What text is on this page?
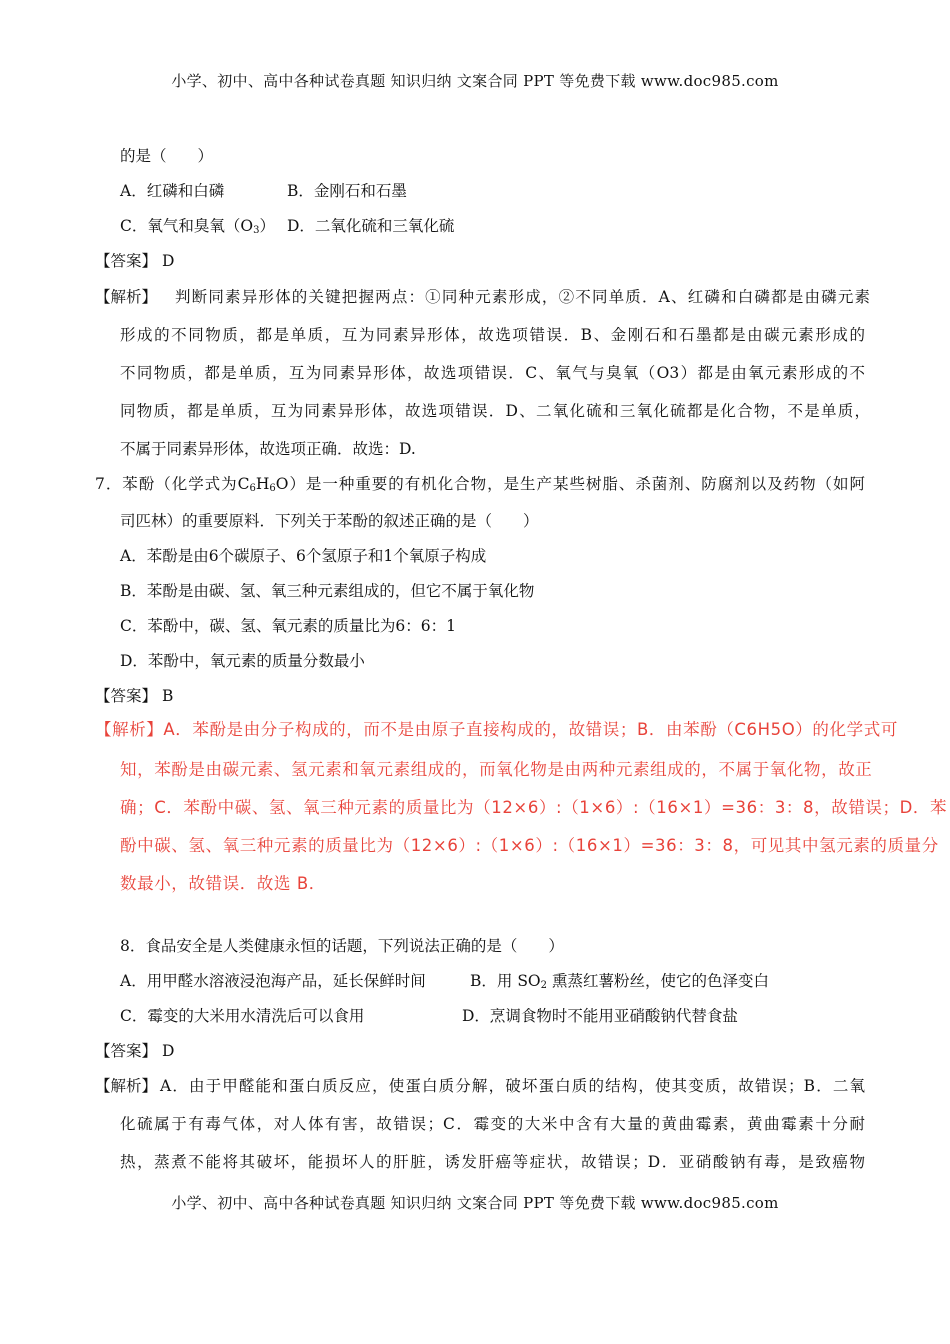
小学、初中、高中各种试卷真题 知识归纳 文案合同 PPT 等免费下载 www.doc985.com
的是（　　）
A．红磷和白磷	B．金刚石和石墨
C．氧气和臭氧$(O_3)$ D．二氧化硫和三氧化硫
【答案】 D
【解析】 判断同素异形体的关键把握两点：①同种元素形成，②不同单质．A、红磷和白磷都是由磷元素
形成的不同物质，都是单质，互为同素异形体，故选项错误．B、金刚石和石墨都是由碳元素形成的
不同物质，都是单质，互为同素异形体，故选项错误．C、氧气与臭氧（O3）都是由氧元素形成的不
同物质，都是单质，互为同素异形体，故选项错误．D、二氧化硫和三氧化硫都是化合物，不是单质，
不属于同素异形体，故选项正确．故选：D.
7．苯酚（化学式为$C_6H_6O$）是一种重要的有机化合物，是生产某些树脂、杀菌剂、防腐剂以及药物（如阿
司匹林）的重要原料．下列关于苯酚的叙述正确的是（　　）
A．苯酚是由6个碳原子、6个氢原子和1个氧原子构成
B．苯酚是由碳、氢、氧三种元素组成的，但它不属于氧化物
C．苯酚中，碳、氢、氧元素的质量比为6：6：1
D．苯酚中，氧元素的质量分数最小
【答案】 B
【解析】A．苯酚是由分子构成的，而不是由原子直接构成的，故错误；B．由苯酚（C6H5O）的化学式可
知，苯酚是由碳元素、氢元素和氧元素组成的，而氧化物是由两种元素组成的，不属于氧化物，故正
确；C．苯酚中碳、氢、氧三种元素的质量比为（12×6）:（1×6）:（16×1）=36：3：8，故错误；D．苯
酚中碳、氢、氧三种元素的质量比为（12×6）:（1×6）:（16×1）=36：3：8，可见其中氢元素的质量分
数最小，故错误．故选 B．
8．食品安全是人类健康永恒的话题，下列说法正确的是（　　）
A．用甲醛水溶液浸泡海产品，延长保鲜时间	B．用 $SO_2$ 熏蒸红薯粉丝，使它的色泽变白
C．霉变的大米用水清洗后可以食用	D．烹调食物时不能用亚硝酸钠代替食盐
【答案】 D
【解析】 A．由于甲醛能和蛋白质反应，使蛋白质分解，破坏蛋白质的结构，使其变质，故错误；B．二氧
化硫属于有毒气体，对人体有害，故错误；C．霉变的大米中含有大量的黄曲霉素，黄曲霉素十分耐
热，蒸煮不能将其破坏，能损坏人的肝脏，诱发肝癌等症状，故错误；D．亚硝酸钠有毒，是致癌物
小学、初中、高中各种试卷真题 知识归纳 文案合同 PPT 等免费下载 www.doc985.com
